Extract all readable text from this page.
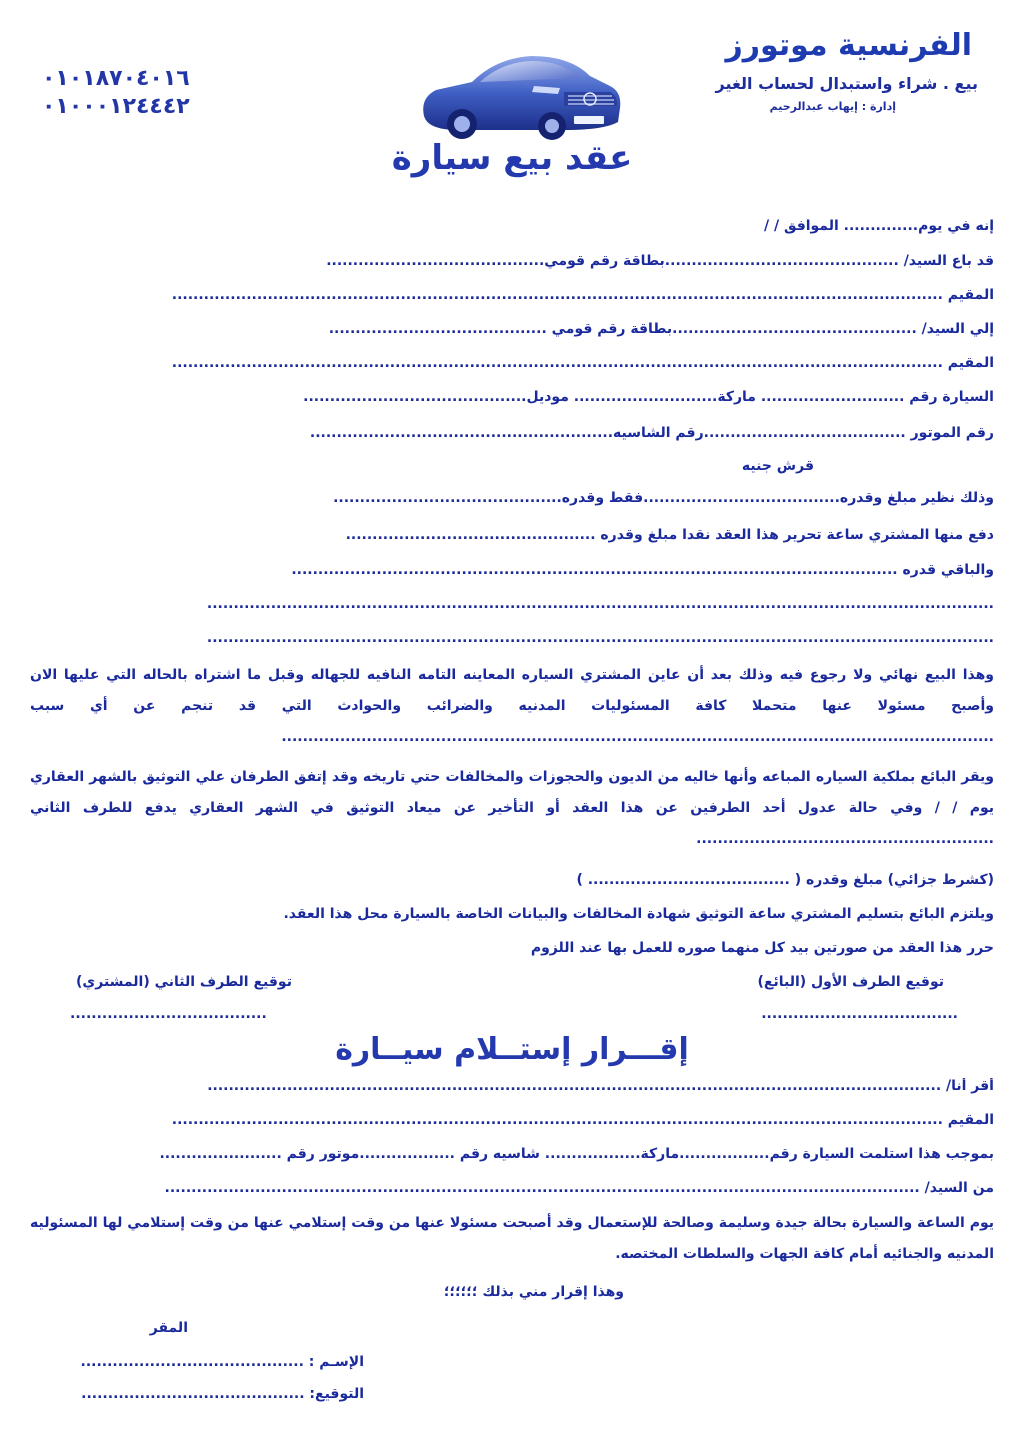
الفرنسية موتورز
بيع . شراء واستبدال لحساب الغير
إدارة : إيهاب عبدالرحيم
٠١٠١٨٧٠٤٠١٦
٠١٠٠٠١٢٤٤٤٢
عقد بيع سيارة
إنه في يوم.............. الموافق / /
قد باع السيد/ ............................................بطاقة رقم قومي.........................................
المقيم .................................................................................................................................................
إلي السيد/ ..............................................بطاقة رقم قومي .........................................
المقيم .................................................................................................................................................
السيارة رقم ........................... ماركة........................... موديل..........................................
رقم الموتور ......................................رقم الشاسيه.........................................................
قرش جنيه
وذلك نظير مبلغ وقدره.....................................فقط وقدره...........................................
دفع منها المشتري ساعة تحرير هذا العقد نقدا مبلغ وقدره ...............................................
والباقي قدره ..................................................................................................................
....................................................................................................................................................
....................................................................................................................................................
وهذا البيع نهائي ولا رجوع فيه وذلك بعد أن عاين المشتري السياره المعاينه التامه النافيه للجهاله وقبل ما اشتراه بالحاله التي عليها الان وأصبح مسئولا عنها متحملا كافة المسئوليات المدنيه والضرائب والحوادث التي قد تنجم عن أي سبب ......................................................................................................................................
ويقر البائع بملكية السياره المباعه وأنها خاليه من الديون والحجوزات والمخالفات حتي تاريخه وقد إتفق الطرفان علي التوثيق بالشهر العقاري يوم / / وفي حالة عدول أحد الطرفين عن هذا العقد أو التأخير عن ميعاد التوثيق في الشهر العقاري يدفع للطرف الثاني ........................................................
(كشرط جزائي) مبلغ وقدره ( ...................................... )
ويلتزم البائع بتسليم المشتري ساعة التوثيق شهادة المخالفات والبيانات الخاصة بالسيارة محل هذا العقد.
حرر هذا العقد من صورتين بيد كل منهما صوره للعمل بها عند اللزوم
توقيع الطرف الأول (البائع)
توقيع الطرف الثاني (المشتري)
.....................................
.....................................
إقـــرار إستــلام سيــارة
أقر أنا/ ..........................................................................................................................................
المقيم .................................................................................................................................................
بموجب هذا استلمت السيارة رقم.................ماركة.................. شاسيه رقم ..................موتور رقم .......................
من السيد/ ..............................................................................................................................................
يوم الساعة والسيارة بحالة جيدة وسليمة وصالحة للإستعمال وقد أصبحت مسئولا عنها من وقت إستلامي عنها من وقت إستلامي لها المسئوليه المدنيه والجنائيه أمام كافة الجهات والسلطات المختصه.
وهذا إقرار مني بذلك ؛؛؛؛؛؛
المقر
الإسـم : ..........................................
التوقيع: ..........................................
